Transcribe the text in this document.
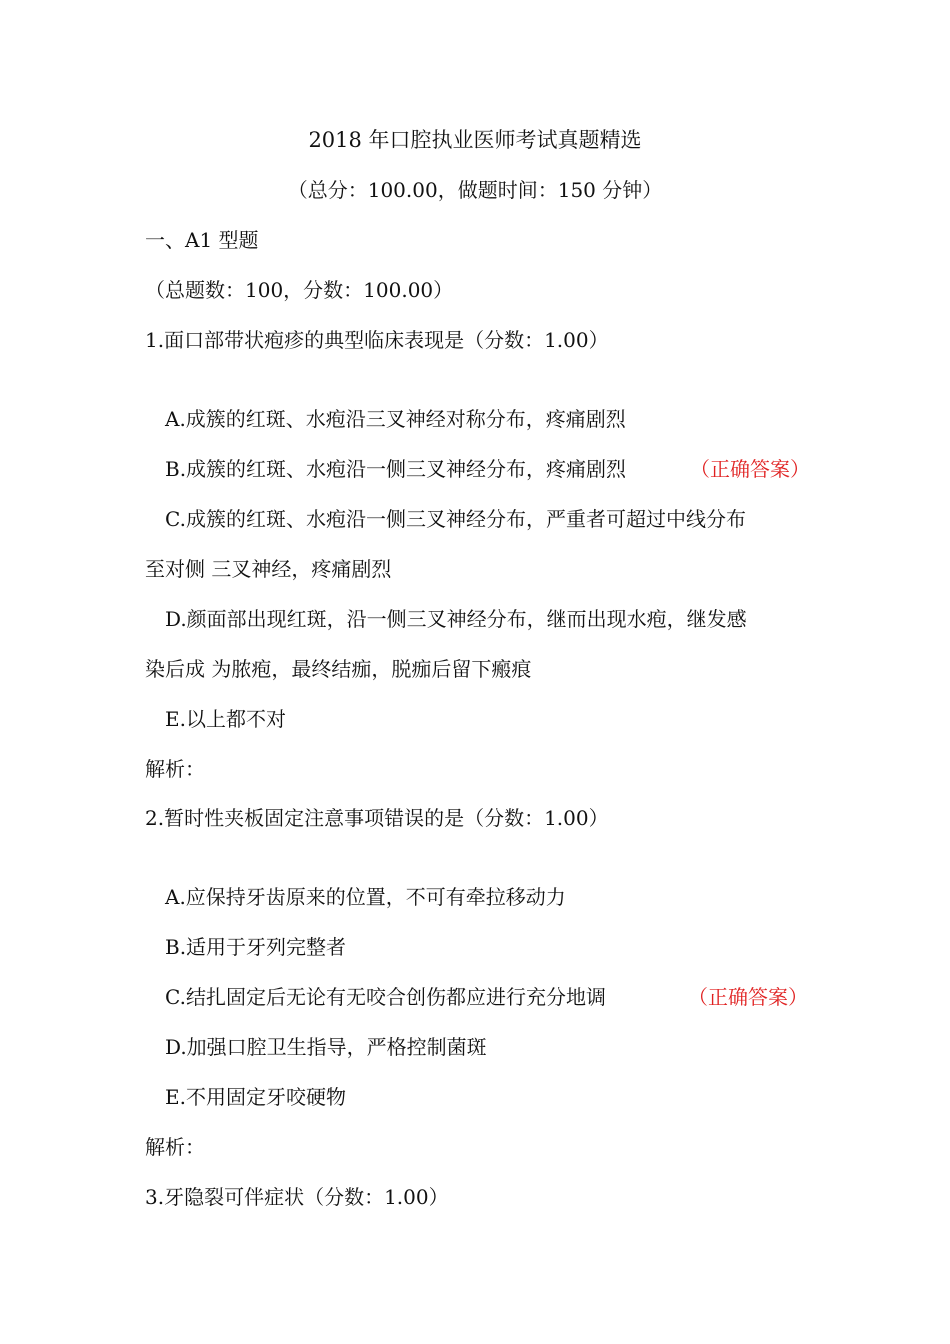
2018 年口腔执业医师考试真题精选
（总分：100.00，做题时间：150 分钟）
一、A1 型题
（总题数：100，分数：100.00）
1.面口部带状疱疹的典型临床表现是（分数：1.00）
A.成簇的红斑、水疱沿三叉神经对称分布，疼痛剧烈
B.成簇的红斑、水疱沿一侧三叉神经分布，疼痛剧烈	（正确答案）
C.成簇的红斑、水疱沿一侧三叉神经分布，严重者可超过中线分布
至对侧 三叉神经，疼痛剧烈
D.颜面部出现红斑，沿一侧三叉神经分布，继而出现水疱，继发感
染后成 为脓疱，最终结痂，脱痂后留下瘢痕
E.以上都不对
解析：
2.暂时性夹板固定注意事项错误的是（分数：1.00）
A.应保持牙齿原来的位置，不可有牵拉移动力
B.适用于牙列完整者
C.结扎固定后无论有无咬合创伤都应进行充分地调	（正确答案）
D.加强口腔卫生指导，严格控制菌斑
E.不用固定牙咬硬物
解析：
3.牙隐裂可伴症状（分数：1.00）
